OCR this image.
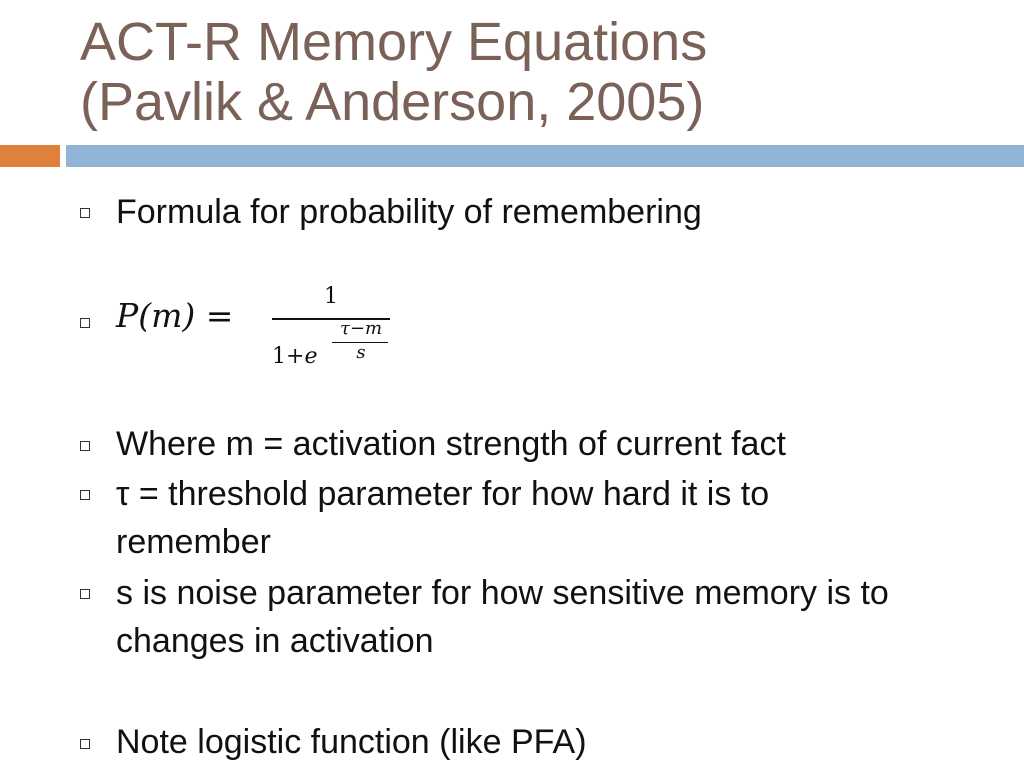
ACT-R Memory Equations
(Pavlik & Anderson, 2005)
Formula for probability of remembering
P(m) =	1
1+e
τ−m
s
Where m = activation strength of current fact
τ = threshold parameter for how hard it is to remember
s is noise parameter for how sensitive memory is to changes in activation
Note logistic function (like PFA)
